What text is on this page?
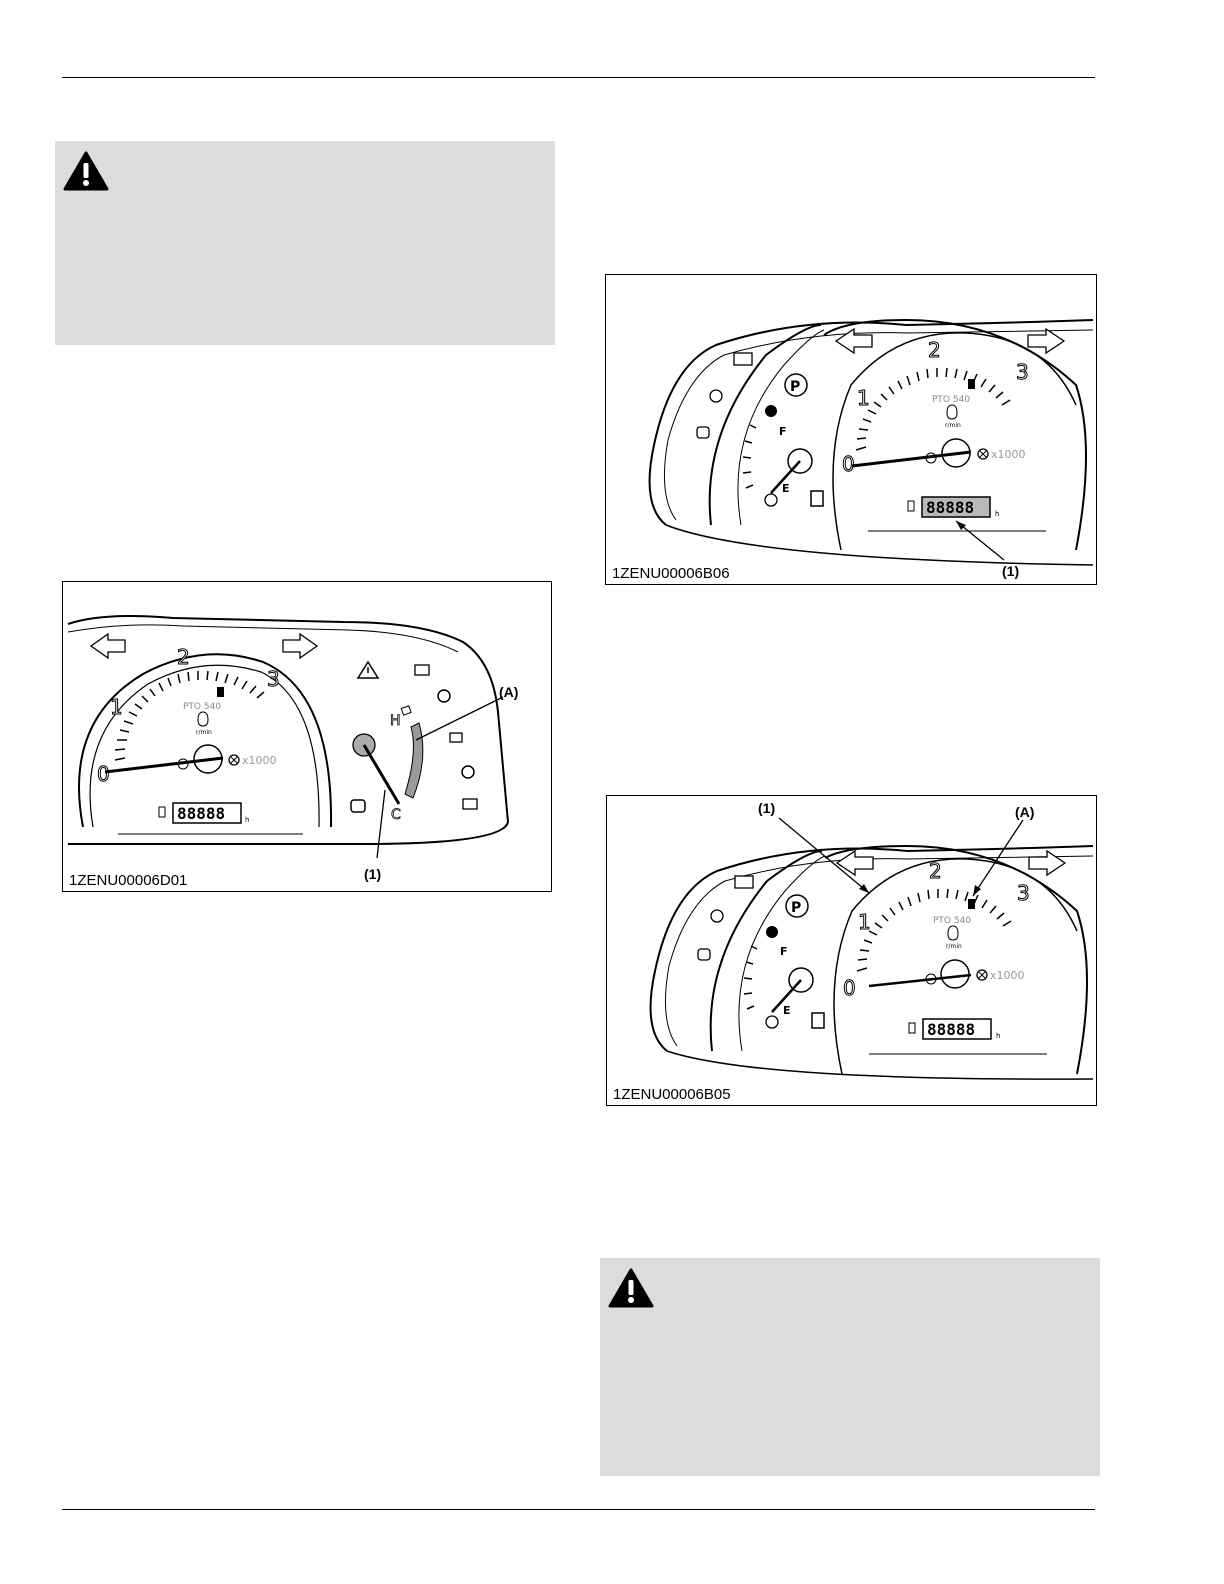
0
1
2
3
PTO 540
r/min
x1000
88888	h
H
C
(A)
(1)
1ZENU00006D01
P
F
E
0
1
2
3
PTO 540
r/min
x1000
88888	h
(1)
1ZENU00006B06
P
F
E
0
1
2
3
PTO 540
r/min
x1000
88888	h
(1)	(A)
1ZENU00006B05
